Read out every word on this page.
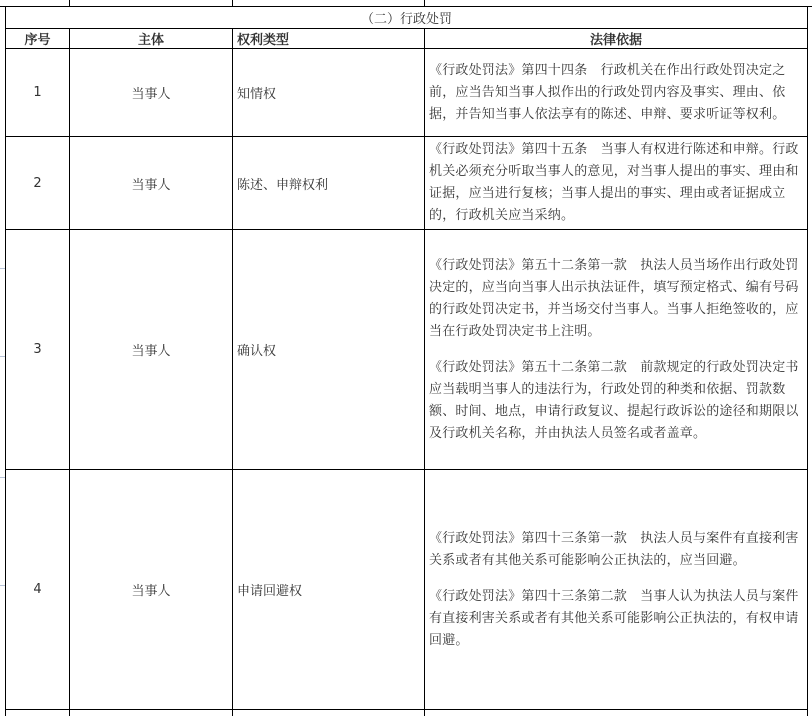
（二）行政处罚			
序号	主体	权利类型	法律依据
1	当事人	知情权	《行政处罚法》第四十四条　行政机关在作出行政处罚决定之前，应当告知当事人拟作出的行政处罚内容及事实、理由、依据，并告知当事人依法享有的陈述、申辩、要求听证等权利。

2	当事人	陈述、申辩权利	《行政处罚法》第四十五条　当事人有权进行陈述和申辩。行政机关必须充分听取当事人的意见，对当事人提出的事实、理由和证据，应当进行复核；当事人提出的事实、理由或者证据成立的，行政机关应当采纳。

3	当事人	确认权	《行政处罚法》第五十二条第一款　执法人员当场作出行政处罚决定的，应当向当事人出示执法证件，填写预定格式、编有号码的行政处罚决定书，并当场交付当事人。当事人拒绝签收的，应当在行政处罚决定书上注明。

《行政处罚法》第五十二条第二款　前款规定的行政处罚决定书应当载明当事人的违法行为，行政处罚的种类和依据、罚款数额、时间、地点，申请行政复议、提起行政诉讼的途径和期限以及行政机关名称，并由执法人员签名或者盖章。

4	当事人	申请回避权	《行政处罚法》第四十三条第一款　执法人员与案件有直接利害关系或者有其他关系可能影响公正执法的，应当回避。

《行政处罚法》第四十三条第二款　当事人认为执法人员与案件有直接利害关系或者有其他关系可能影响公正执法的，有权申请回避。
